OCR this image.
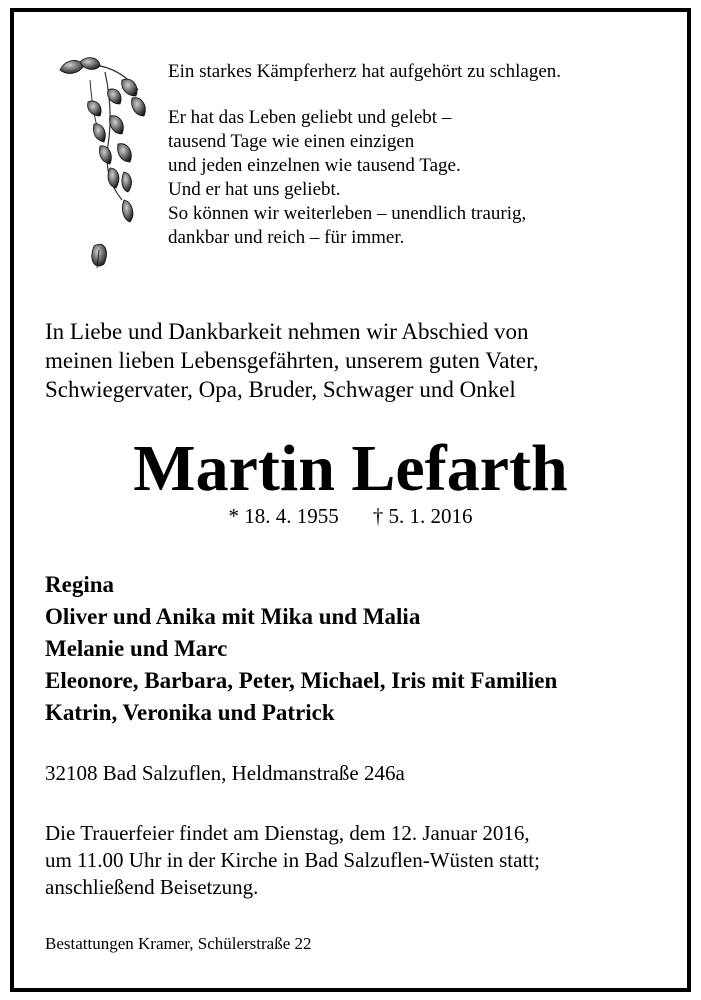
Ein starkes Kämpferherz hat aufgehört zu schlagen.
Er hat das Leben geliebt und gelebt –
tausend Tage wie einen einzigen
und jeden einzelnen wie tausend Tage.
Und er hat uns geliebt.
So können wir weiterleben – unendlich traurig,
dankbar und reich – für immer.
In Liebe und Dankbarkeit nehmen wir Abschied von
meinen lieben Lebensgefährten, unserem guten Vater,
Schwiegervater, Opa, Bruder, Schwager und Onkel
Martin Lefarth
* 18. 4. 1955 † 5. 1. 2016
Regina
Oliver und Anika mit Mika und Malia
Melanie und Marc
Eleonore, Barbara, Peter, Michael, Iris mit Familien
Katrin, Veronika und Patrick
32108 Bad Salzuflen, Heldmanstraße 246a
Die Trauerfeier findet am Dienstag, dem 12. Januar 2016,
um 11.00 Uhr in der Kirche in Bad Salzuflen-Wüsten statt;
anschließend Beisetzung.
Bestattungen Kramer, Schülerstraße 22
